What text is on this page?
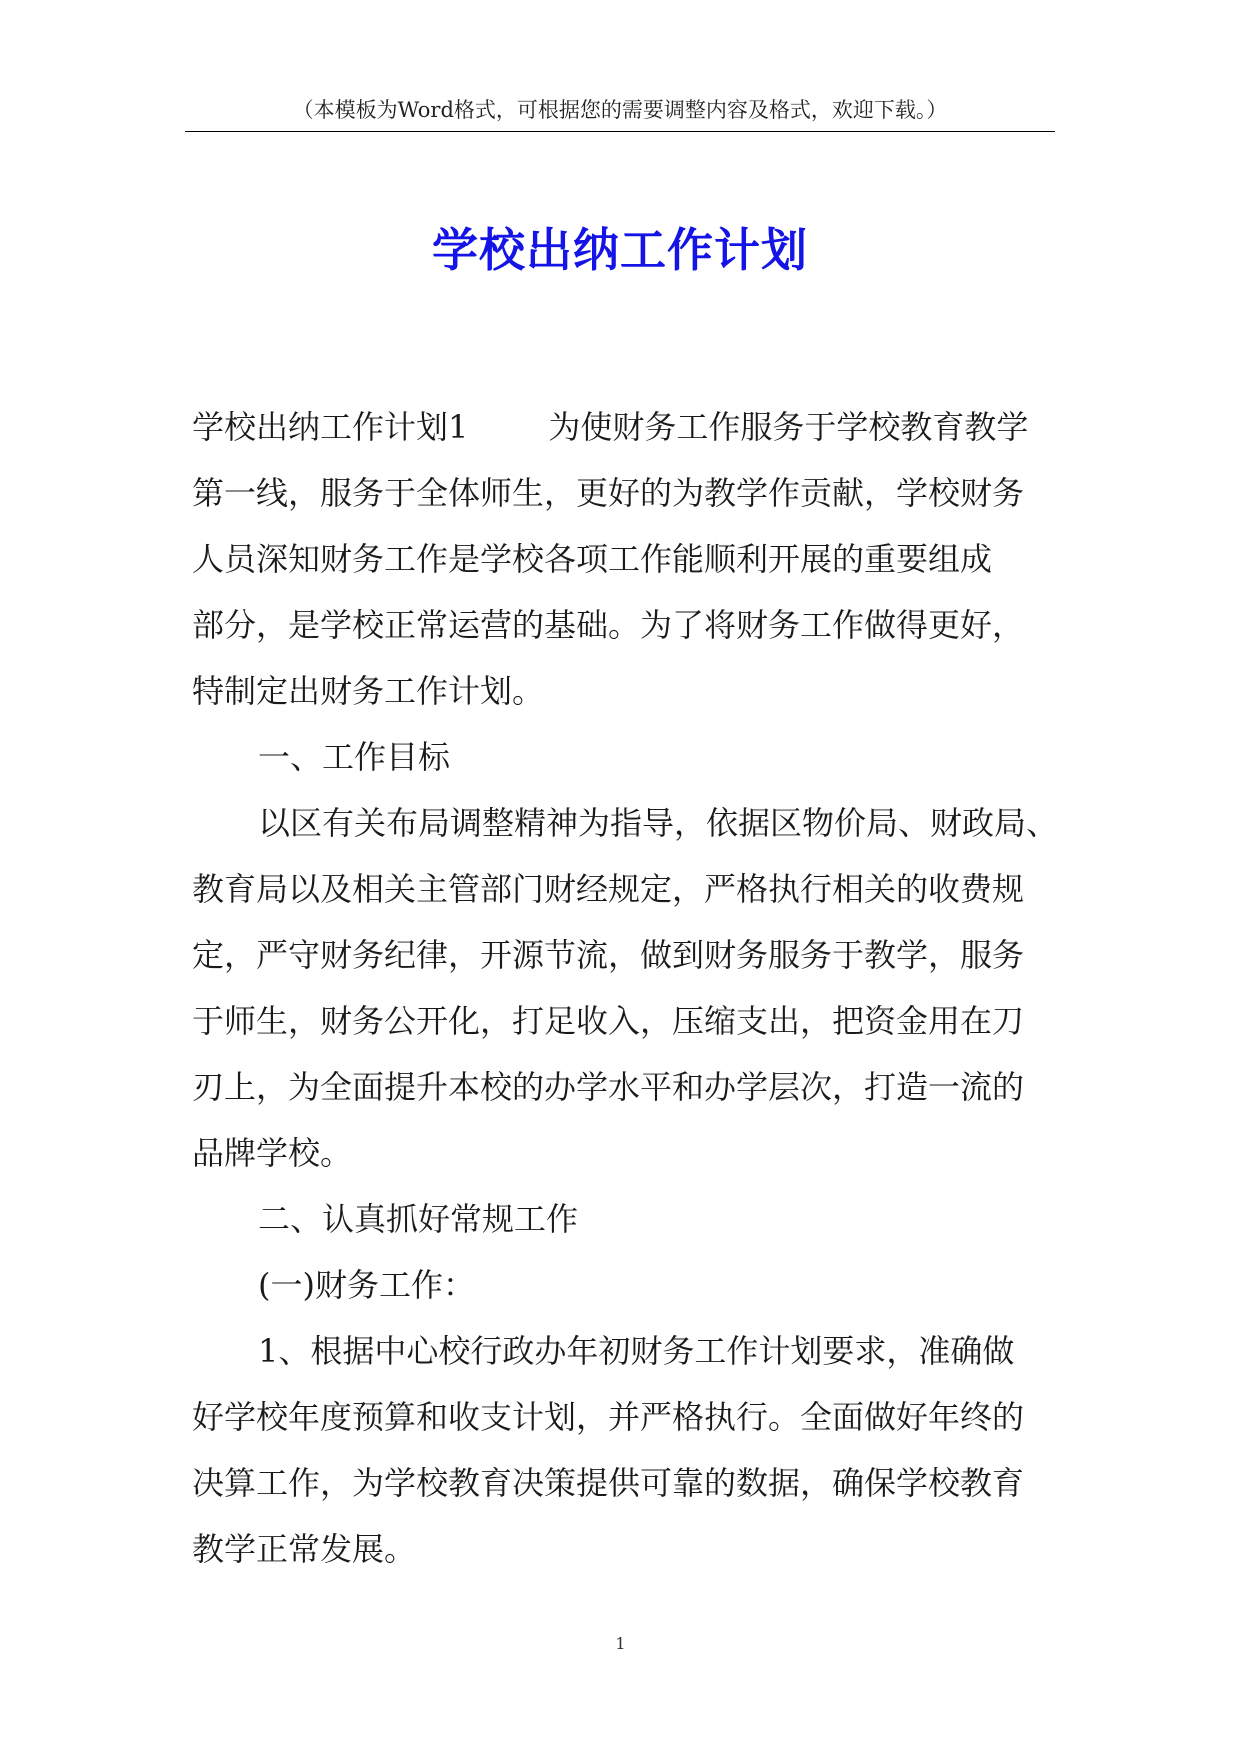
（本模板为Word格式，可根据您的需要调整内容及格式，欢迎下载。）
学校出纳工作计划
学校出纳工作计划1	为使财务工作服务于学校教育教学
第一线，服务于全体师生，更好的为教学作贡献，学校财务
人员深知财务工作是学校各项工作能顺利开展的重要组成
部分，是学校正常运营的基础。为了将财务工作做得更好，
特制定出财务工作计划。
一、工作目标
以区有关布局调整精神为指导，依据区物价局、财政局、
教育局以及相关主管部门财经规定，严格执行相关的收费规
定，严守财务纪律，开源节流，做到财务服务于教学，服务
于师生，财务公开化，打足收入，压缩支出，把资金用在刀
刃上，为全面提升本校的办学水平和办学层次，打造一流的
品牌学校。
二、认真抓好常规工作
(一)财务工作：
1、根据中心校行政办年初财务工作计划要求，准确做
好学校年度预算和收支计划，并严格执行。全面做好年终的
决算工作，为学校教育决策提供可靠的数据，确保学校教育
教学正常发展。
1
